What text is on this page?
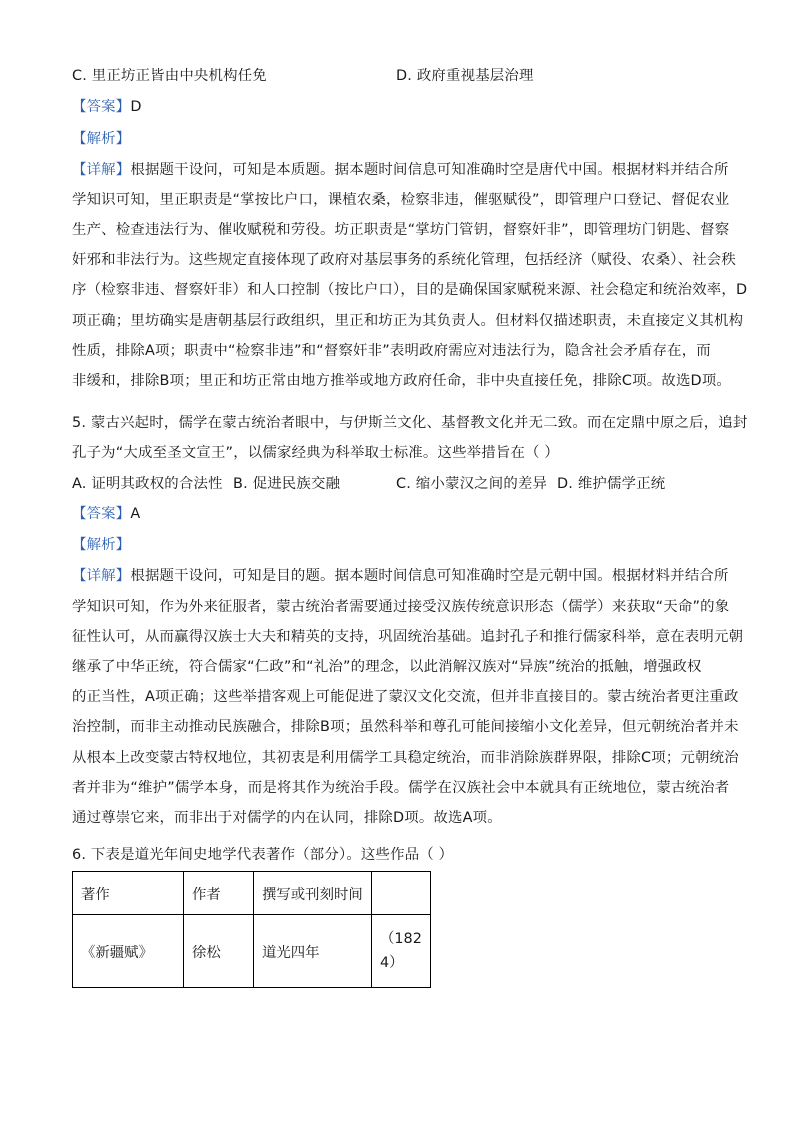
C. 里正坊正皆由中央机构任免	D. 政府重视基层治理
【答案】D
【解析】
【详解】根据题干设问，可知是本质题。据本题时间信息可知准确时空是唐代中国。根据材料并结合所
学知识可知，里正职责是“掌按比户口，课植农桑，检察非违，催驱赋役”，即管理户口登记、督促农业
生产、检查违法行为、催收赋税和劳役。坊正职责是“掌坊门管钥，督察奸非”，即管理坊门钥匙、督察
奸邪和非法行为。这些规定直接体现了政府对基层事务的系统化管理，包括经济（赋役、农桑）、社会秩
序（检察非违、督察奸非）和人口控制（按比户口），目的是确保国家赋税来源、社会稳定和统治效率，D
项正确；里坊确实是唐朝基层行政组织，里正和坊正为其负责人。但材料仅描述职责，未直接定义其机构
性质，排除A项；职责中“检察非违”和“督察奸非”表明政府需应对违法行为，隐含社会矛盾存在，而
非缓和，排除B项；里正和坊正常由地方推举或地方政府任命，非中央直接任免，排除C项。故选D项。
5. 蒙古兴起时，儒学在蒙古统治者眼中，与伊斯兰文化、基督教文化并无二致。而在定鼎中原之后，追封
孔子为“大成至圣文宣王”，以儒家经典为科举取士标准。这些举措旨在（ ）
A. 证明其政权的合法性 B. 促进民族交融	C. 缩小蒙汉之间的差异 D. 维护儒学正统
【答案】A
【解析】
【详解】根据题干设问，可知是目的题。据本题时间信息可知准确时空是元朝中国。根据材料并结合所
学知识可知，作为外来征服者，蒙古统治者需要通过接受汉族传统意识形态（儒学）来获取“天命”的象
征性认可，从而赢得汉族士大夫和精英的支持，巩固统治基础。追封孔子和推行儒家科举，意在表明元朝
继承了中华正统，符合儒家“仁政”和“礼治”的理念，以此消解汉族对“异族”统治的抵触，增强政权
的正当性，A项正确；这些举措客观上可能促进了蒙汉文化交流，但并非直接目的。蒙古统治者更注重政
治控制，而非主动推动民族融合，排除B项；虽然科举和尊孔可能间接缩小文化差异，但元朝统治者并未
从根本上改变蒙古特权地位，其初衷是利用儒学工具稳定统治，而非消除族群界限，排除C项；元朝统治
者并非为“维护”儒学本身，而是将其作为统治手段。儒学在汉族社会中本就具有正统地位，蒙古统治者
通过尊崇它来，而非出于对儒学的内在认同，排除D项。故选A项。
6. 下表是道光年间史地学代表著作（部分）。这些作品（ ）
著作	作者	撰写或刊刻时间	
《新疆赋》	徐松	道光四年	（182
4）
